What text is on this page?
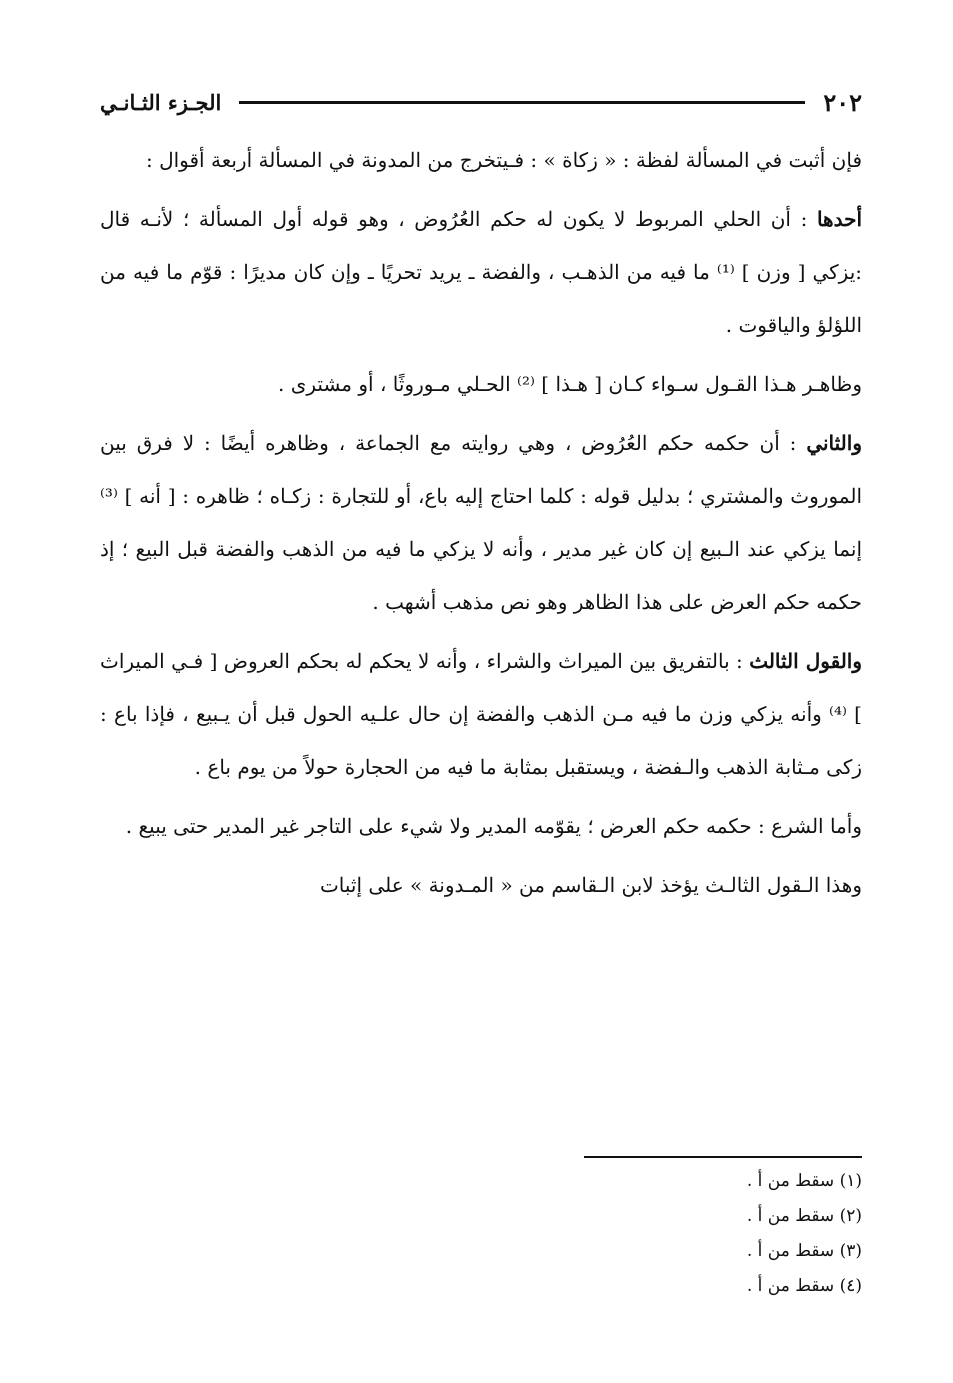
٢٠٢
الجـزء الثـانـي

فإن أثبت في المسألة لفظة : « زكاة » : فـيتخرج من المدونة في المسألة أربعة أقوال :

أحدها : أن الحلي المربوط لا يكون له حكم العُرُوض ، وهو قوله أول المسألة ؛ لأنـه قال :يزكي [ وزن ] ⁽¹⁾ ما فيه من الذهـب ، والفضة ـ يريد تحريًا ـ وإن كان مديرًا : قوّم ما فيه من اللؤلؤ والياقوت .

وظاهـر هـذا القـول سـواء كـان [ هـذا ] ⁽²⁾ الحـلي مـوروثًا ، أو مشترى .

والثاني : أن حكمه حكم العُرُوض ، وهي روايته مع الجماعة ، وظاهره أيضًا : لا فرق بين الموروث والمشتري ؛ بدليل قوله : كلما احتاج إليه باع، أو للتجارة : زكـاه ؛ ظاهره : [ أنه ] ⁽³⁾ إنما يزكي عند الـبيع إن كان غير مدير ، وأنه لا يزكي ما فيه من الذهب والفضة قبل البيع ؛ إذ حكمه حكم العرض على هذا الظاهر وهو نص مذهب أشهب .

والقول الثالث : بالتفريق بين الميراث والشراء ، وأنه لا يحكم له بحكم العروض [ فـي الميراث ] ⁽⁴⁾ وأنه يزكي وزن ما فيه مـن الذهب والفضة إن حال علـيه الحول قبل أن يـبيع ، فإذا باع : زكى مـثابة الذهب والـفضة ، ويستقبل بمثابة ما فيه من الحجارة حولاً من يوم باع .

وأما الشرع : حكمه حكم العرض ؛ يقوّمه المدير ولا شيء على التاجر غير المدير حتى يبيع .

وهذا الـقول الثالـث يؤخذ لابن الـقاسم من « المـدونة » على إثبات

(١) سقط من أ .
(٢) سقط من أ .
(٣) سقط من أ .
(٤) سقط من أ .
